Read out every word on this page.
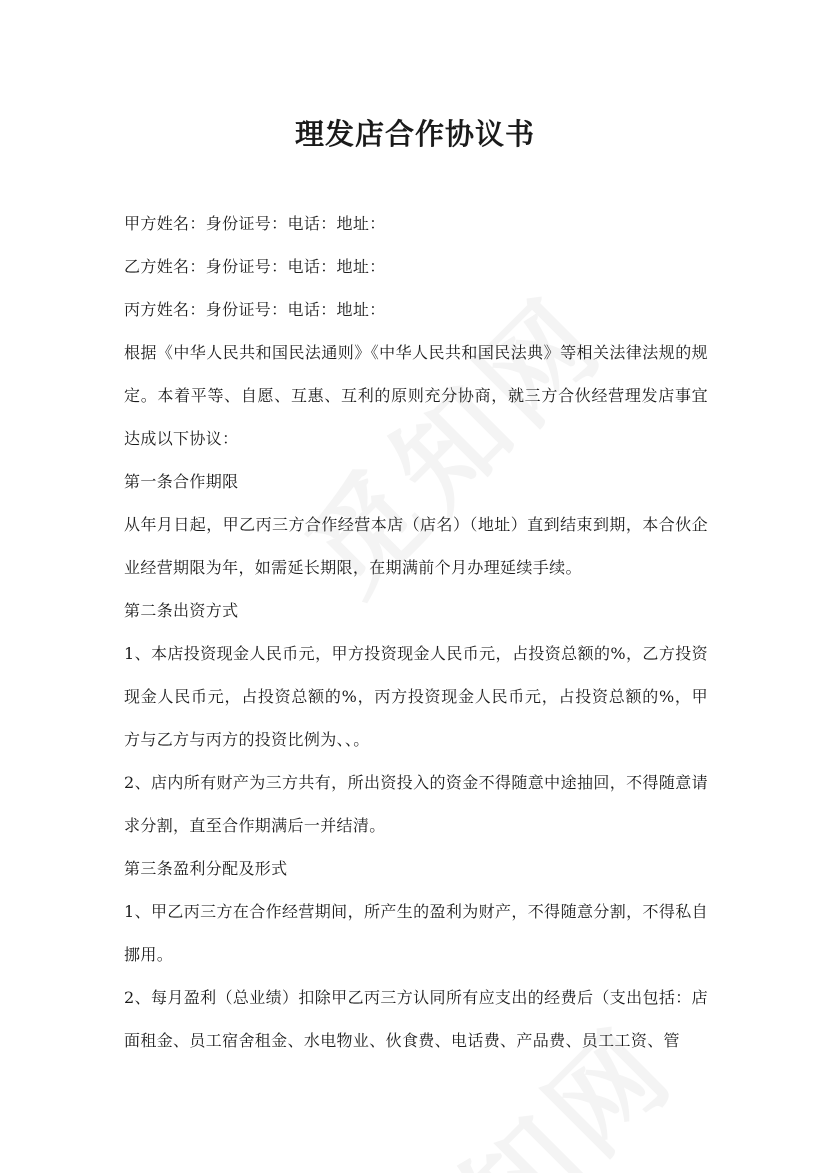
理发店合作协议书

甲方姓名：身份证号：电话：地址：

乙方姓名：身份证号：电话：地址：

丙方姓名：身份证号：电话：地址：

根据《中华人民共和国民法通则》《中华人民共和国民法典》等相关法律法规的规定。本着平等、自愿、互惠、互利的原则充分协商，就三方合伙经营理发店事宜达成以下协议：

第一条合作期限

从年月日起，甲乙丙三方合作经营本店（店名）（地址）直到结束到期，本合伙企业经营期限为年，如需延长期限，在期满前个月办理延续手续。

第二条出资方式

1、本店投资现金人民币元，甲方投资现金人民币元，占投资总额的%，乙方投资现金人民币元，占投资总额的%，丙方投资现金人民币元，占投资总额的%，甲方与乙方与丙方的投资比例为、、。

2、店内所有财产为三方共有，所出资投入的资金不得随意中途抽回，不得随意请求分割，直至合作期满后一并结清。

第三条盈利分配及形式

1、甲乙丙三方在合作经营期间，所产生的盈利为财产，不得随意分割，不得私自挪用。

2、每月盈利（总业绩）扣除甲乙丙三方认同所有应支出的经费后（支出包括：店面租金、员工宿舍租金、水电物业、伙食费、电话费、产品费、员工工资、管
